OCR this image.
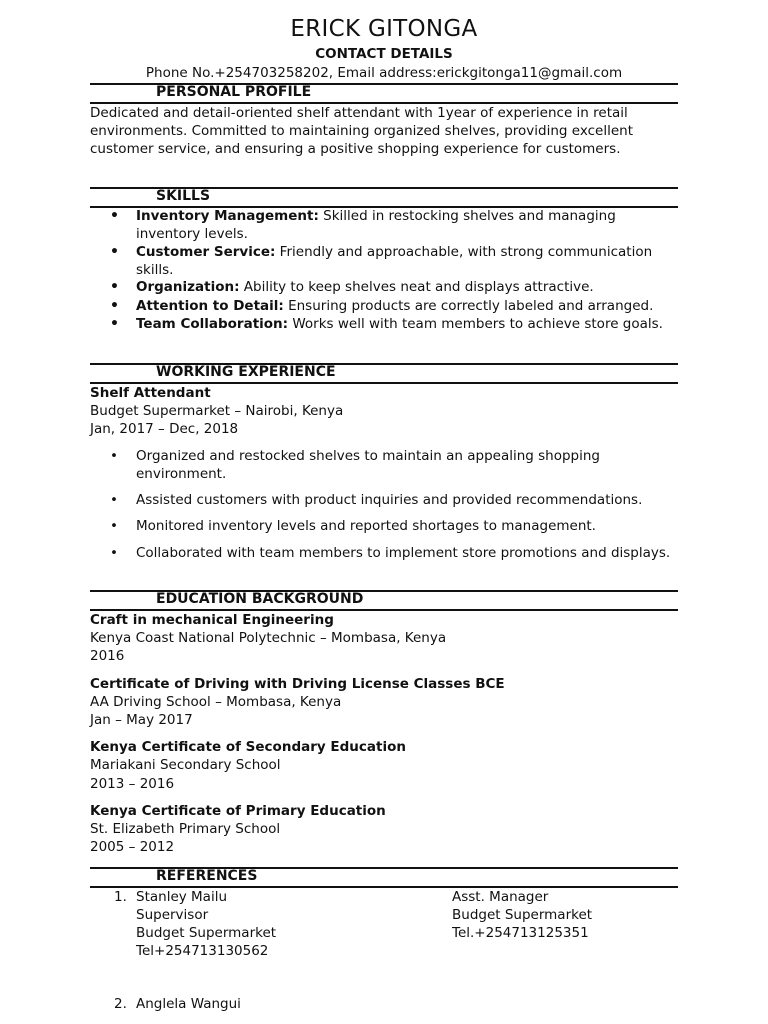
ERICK GITONGA
CONTACT DETAILS
Phone No.+254703258202, Email address:erickgitonga11@gmail.com
PERSONAL PROFILE
Dedicated and detail-oriented shelf attendant with 1year of experience in retail environments. Committed to maintaining organized shelves, providing excellent customer service, and ensuring a positive shopping experience for customers.
SKILLS
• Inventory Management: Skilled in restocking shelves and managing inventory levels.
• Customer Service: Friendly and approachable, with strong communication skills.
• Organization: Ability to keep shelves neat and displays attractive.
• Attention to Detail: Ensuring products are correctly labeled and arranged.
• Team Collaboration: Works well with team members to achieve store goals.
WORKING EXPERIENCE
Shelf Attendant
Budget Supermarket – Nairobi, Kenya
Jan, 2017 – Dec, 2018
• Organized and restocked shelves to maintain an appealing shopping environment.
• Assisted customers with product inquiries and provided recommendations.
• Monitored inventory levels and reported shortages to management.
• Collaborated with team members to implement store promotions and displays.
EDUCATION BACKGROUND
Craft in mechanical Engineering
Kenya Coast National Polytechnic – Mombasa, Kenya
2016
Certificate of Driving with Driving License Classes BCE
AA Driving School – Mombasa, Kenya
Jan – May 2017
Kenya Certificate of Secondary Education
Mariakani Secondary School
2013 – 2016
Kenya Certificate of Primary Education
St. Elizabeth Primary School
2005 – 2012
REFERENCES
1. Stanley Mailu
Supervisor
Budget Supermarket
Tel+254713130562
Asst. Manager
Budget Supermarket
Tel.+254713125351
2. Anglela Wangui
